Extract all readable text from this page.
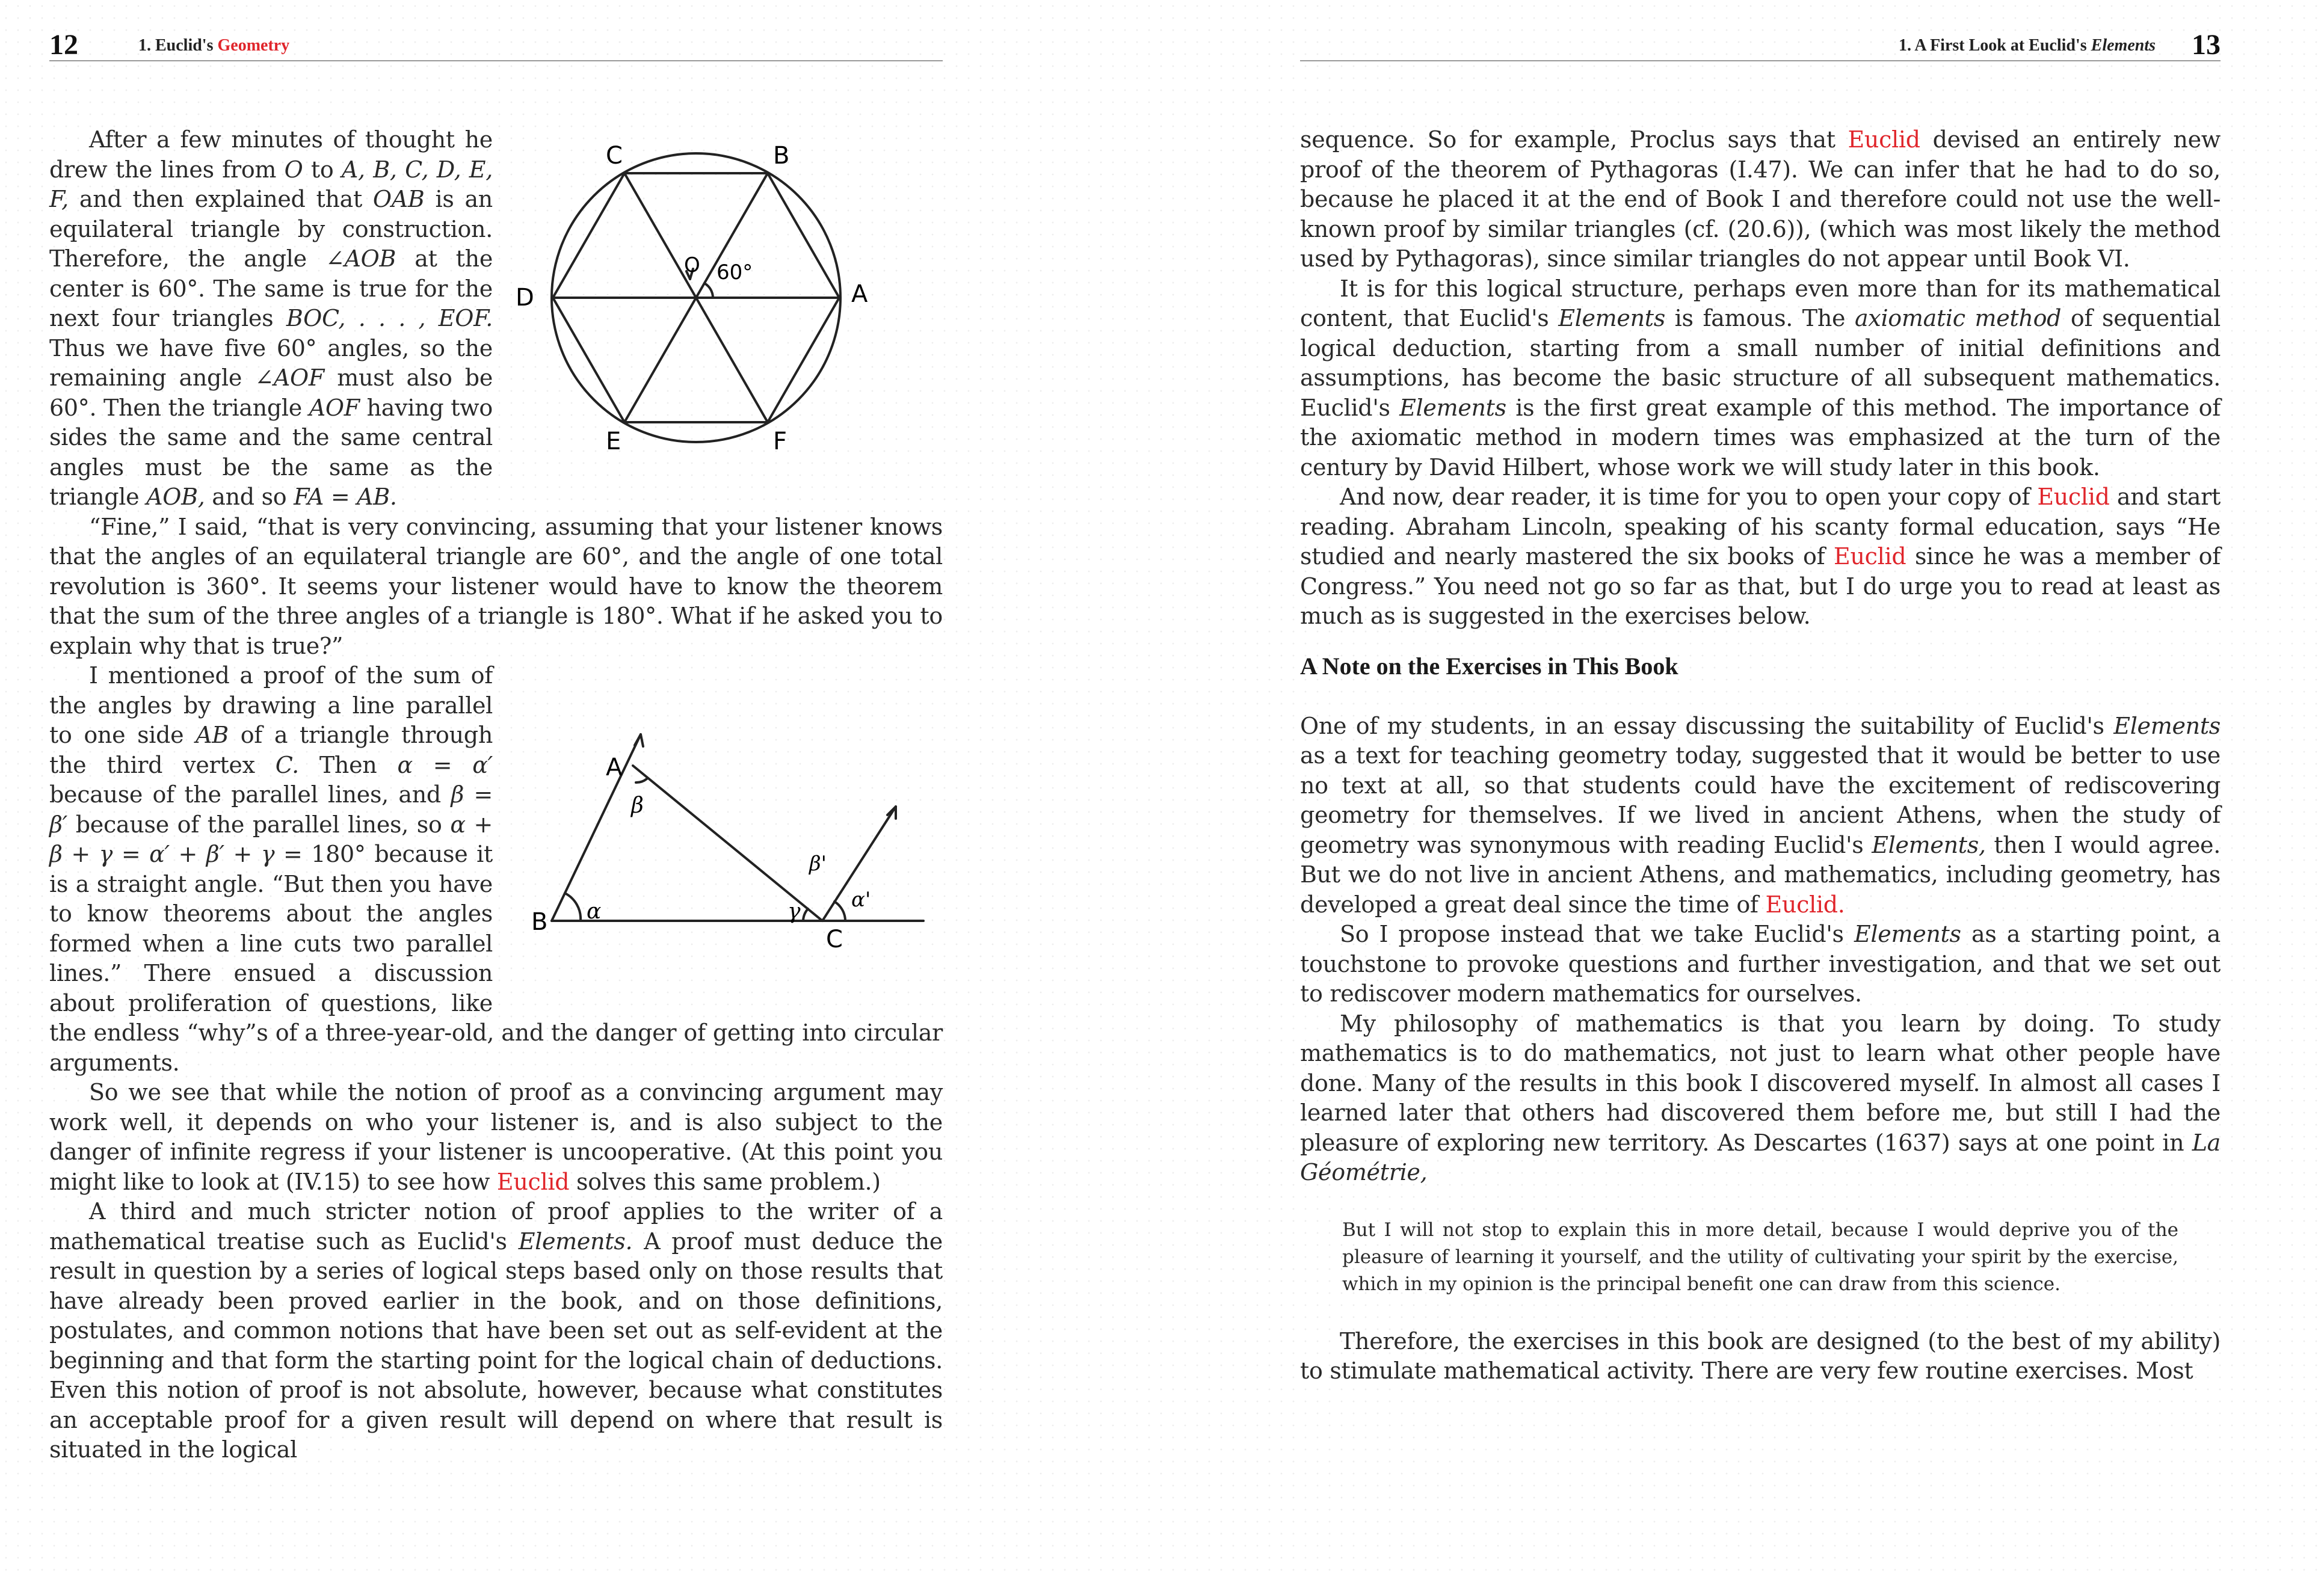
12	1. Euclid's Geometry
C	B
A
D
E	F
O 60°

After a few minutes of thought he drew the lines from O to A, B, C, D, E, F, and then explained that OAB is an equilateral triangle by construction. Therefore, the angle ∠AOB at the center is 60°. The same is true for the next four triangles BOC, . . . , EOF. Thus we have five 60° angles, so the remaining angle ∠AOF must also be 60°. Then the triangle AOF having two sides the same and the same central angles must be the same as the triangle AOB, and so FA = AB.

“Fine,” I said, “that is very convincing, assuming that your listener knows that the angles of an equilateral triangle are 60°, and the angle of one total revolution is 360°. It seems your listener would have to know the theorem that the sum of the three angles of a triangle is 180°. What if he asked you to explain why that is true?”

B
A
C
α
β
γ α'
β'

I mentioned a proof of the sum of the angles by drawing a line parallel to one side AB of a triangle through the third vertex C. Then α = α′ because of the parallel lines, and β = β′ because of the parallel lines, so α + β + γ = α′ + β′ + γ = 180° because it is a straight angle. “But then you have to know theorems about the angles formed when a line cuts two parallel lines.” There ensued a discussion about proliferation of questions, like the endless “why”s of a three-year-old, and the danger of getting into circular arguments.

So we see that while the notion of proof as a convincing argument may work well, it depends on who your listener is, and is also subject to the danger of infinite regress if your listener is uncooperative. (At this point you might like to look at (IV.15) to see how Euclid solves this same problem.)

A third and much stricter notion of proof applies to the writer of a mathematical treatise such as Euclid's Elements. A proof must deduce the result in question by a series of logical steps based only on those results that have already been proved earlier in the book, and on those definitions, postulates, and common notions that have been set out as self-evident at the beginning and that form the starting point for the logical chain of deductions. Even this notion of proof is not absolute, however, because what constitutes an acceptable proof for a given result will depend on where that result is situated in the logical

1. A First Look at Euclid's Elements 13

sequence. So for example, Proclus says that Euclid devised an entirely new proof of the theorem of Pythagoras (I.47). We can infer that he had to do so, because he placed it at the end of Book I and therefore could not use the well-known proof by similar triangles (cf. (20.6)), (which was most likely the method used by Pythagoras), since similar triangles do not appear until Book VI.

It is for this logical structure, perhaps even more than for its mathematical content, that Euclid's Elements is famous. The axiomatic method of sequential logical deduction, starting from a small number of initial definitions and assumptions, has become the basic structure of all subsequent mathematics. Euclid's Elements is the first great example of this method. The importance of the axiomatic method in modern times was emphasized at the turn of the century by David Hilbert, whose work we will study later in this book.

And now, dear reader, it is time for you to open your copy of Euclid and start reading. Abraham Lincoln, speaking of his scanty formal education, says “He studied and nearly mastered the six books of Euclid since he was a member of Congress.” You need not go so far as that, but I do urge you to read at least as much as is suggested in the exercises below.

A Note on the Exercises in This Book

One of my students, in an essay discussing the suitability of Euclid's Elements as a text for teaching geometry today, suggested that it would be better to use no text at all, so that students could have the excitement of rediscovering geometry for themselves. If we lived in ancient Athens, when the study of geometry was synonymous with reading Euclid's Elements, then I would agree. But we do not live in ancient Athens, and mathematics, including geometry, has developed a great deal since the time of Euclid.

So I propose instead that we take Euclid's Elements as a starting point, a touchstone to provoke questions and further investigation, and that we set out to rediscover modern mathematics for ourselves.

My philosophy of mathematics is that you learn by doing. To study mathematics is to do mathematics, not just to learn what other people have done. Many of the results in this book I discovered myself. In almost all cases I learned later that others had discovered them before me, but still I had the pleasure of exploring new territory. As Descartes (1637) says at one point in La Géométrie,

But I will not stop to explain this in more detail, because I would deprive you of the pleasure of learning it yourself, and the utility of cultivating your spirit by the exercise, which in my opinion is the principal benefit one can draw from this science.

Therefore, the exercises in this book are designed (to the best of my ability) to stimulate mathematical activity. There are very few routine exercises. Most
